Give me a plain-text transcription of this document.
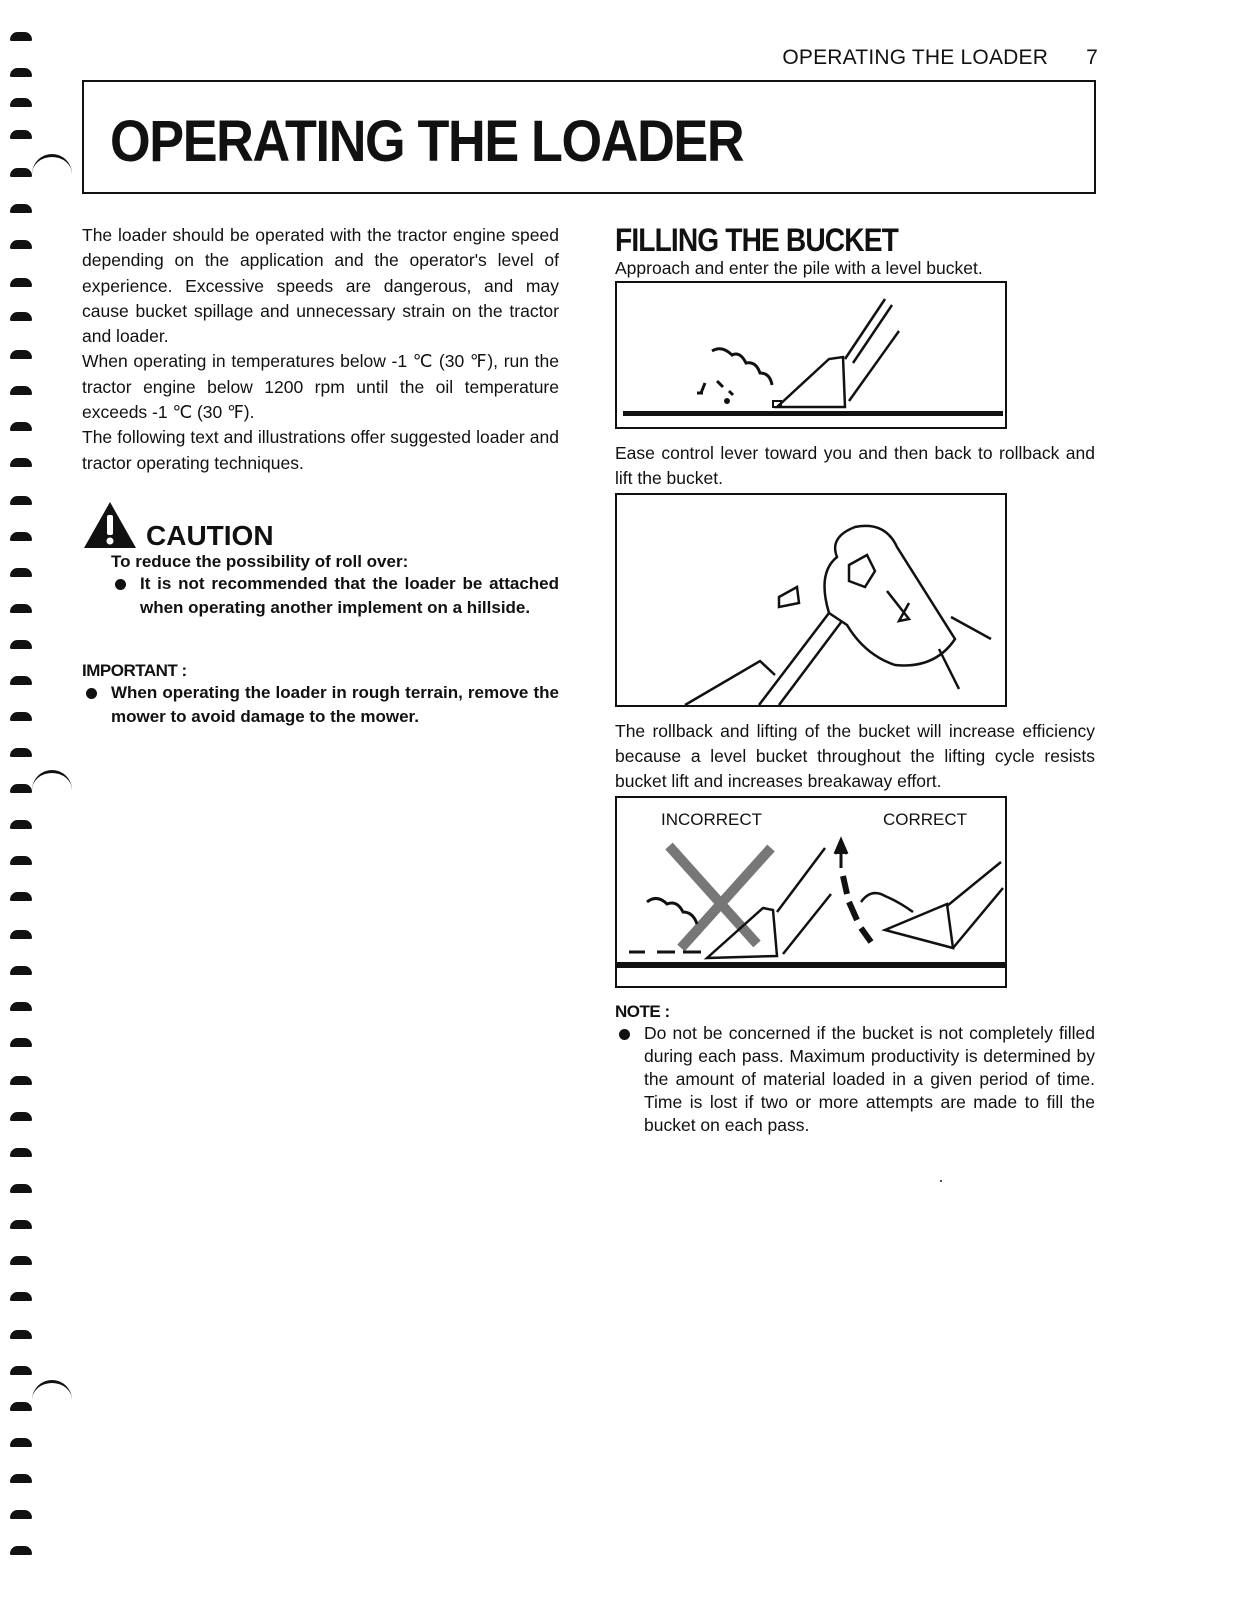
OPERATING THE LOADER 7
OPERATING THE LOADER

The loader should be operated with the tractor engine speed depending on the application and the operator's level of experience. Excessive speeds are dangerous, and may cause bucket spillage and unnecessary strain on the tractor and loader.

When operating in temperatures below -1 ℃ (30 ℉), run the tractor engine below 1200 rpm until the oil temperature exceeds -1 ℃ (30 ℉).

The following text and illustrations offer suggested loader and tractor operating techniques.

CAUTION
To reduce the possibility of roll over:
It is not recommended that the loader be attached when operating another implement on a hillside.
IMPORTANT :
When operating the loader in rough terrain, remove the mower to avoid damage to the mower.
FILLING THE BUCKET

Approach and enter the pile with a level bucket.

Ease control lever toward you and then back to rollback and lift the bucket.

The rollback and lifting of the bucket will increase efficiency because a level bucket throughout the lifting cycle resists bucket lift and increases breakaway effort.

INCORRECT	CORRECT
NOTE :
Do not be concerned if the bucket is not completely filled during each pass. Maximum productivity is determined by the amount of material loaded in a given period of time. Time is lost if two or more attempts are made to fill the bucket on each pass.
